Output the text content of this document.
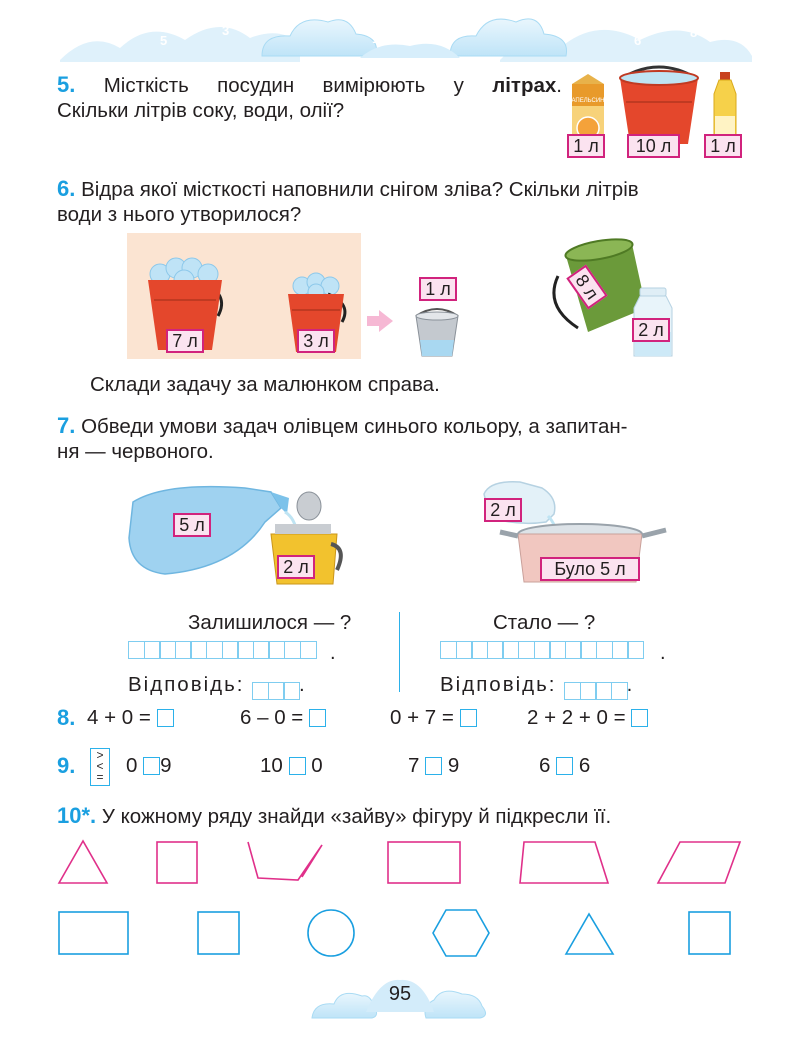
7
5
3
1
0
2	4
6
8
5. Місткість посудин вимірюють у літрах.
Скільки літрів соку, води, олії?	АПЕЛЬСИН
1 л	10 л	1 л
6. Відра якої місткості наповнили снігом зліва? Скільки літрів
води з нього утворилося?
7 л	3 л
1 л	8 л
2 л
Склади задачу за малюнком справа.
7. Обведи умови задач олівцем синього кольору, а запитан-
ня — червоного.
5 л
2 л
2 л
Було 5 л
Залишилося — ?
.
Відповідь:	.
Стало — ?
.
Відповідь:	.
8. 4 + 0 =	6 – 0 =	0 + 7 =	2 + 2 + 0 =
9.	>
<
= 0 9	10 0	7 9	6 6
10*. У кожному ряду знайди «зайву» фігуру й підкресли її.
95
